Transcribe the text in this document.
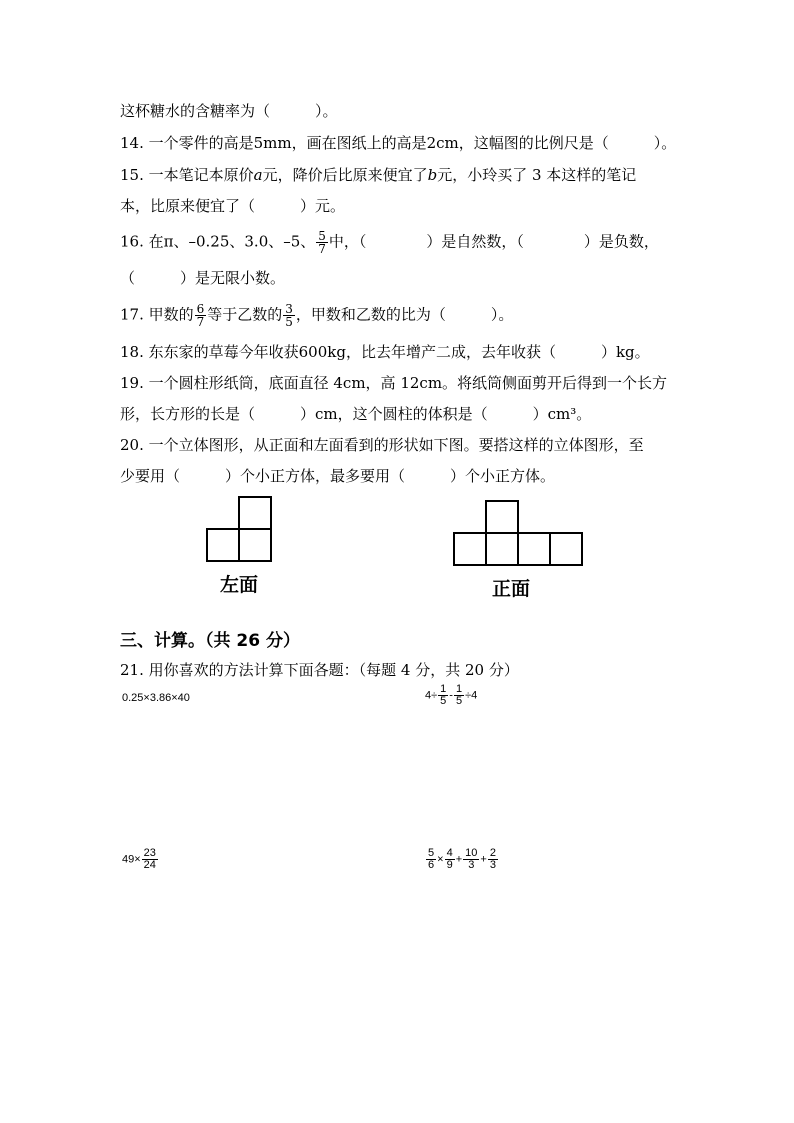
这杯糖水的含糖率为（　　　）。
14. 一个零件的高是5mm，画在图纸上的高是2cm，这幅图的比例尺是（　　　）。
15. 一本笔记本原价a元，降价后比原来便宜了b元，小玲买了 3 本这样的笔记
本，比原来便宜了（　　　）元。
16. 在π、–0.25、3.0、–5、 $\frac{5}{7}$ 中，（　　　　）是自然数，（　　　　）是负数，
（　　　）是无限小数。
17. 甲数的 $\frac{6}{7}$ 等于乙数的 $\frac{3}{5}$ ，甲数和乙数的比为（　　　）。
18. 东东家的草莓今年收获600kg，比去年增产二成，去年收获（　　　）kg。
19. 一个圆柱形纸筒，底面直径 4cm，高 12cm。将纸筒侧面剪开后得到一个长方
形，长方形的长是（　　　）cm，这个圆柱的体积是（　　　）cm³。
20. 一个立体图形，从正面和左面看到的形状如下图。要搭这样的立体图形，至
少要用（　　　）个小正方体，最多要用（　　　）个小正方体。
左面	正面
三、计算。（共 26 分）
21. 用你喜欢的方法计算下面各题：（每题 4 分，共 20 分）
0.25×3.86×40	$4\div \frac{1}{5} - \frac{1}{5} \div 4$
$49\times \frac{23}{24}$	$\frac{5}{6} \times \frac{4}{9} + \frac{10}{3} + \frac{2}{3}$
